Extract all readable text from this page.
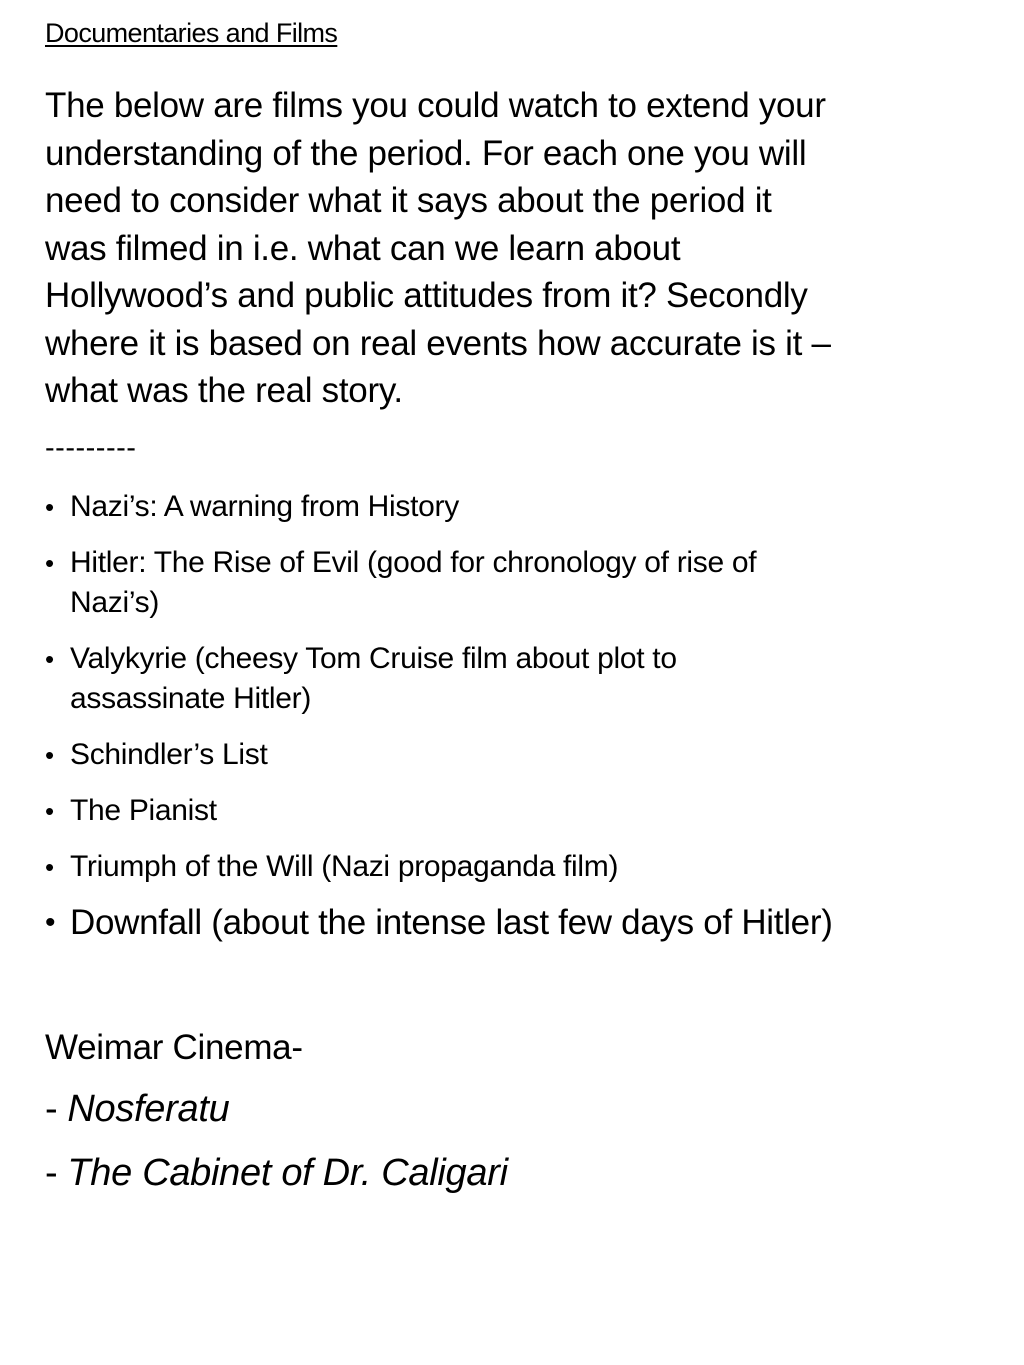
Documentaries and Films
The below are films you could watch to extend your
understanding of the period. For each one you will
need to consider what it says about the period it
was filmed in i.e. what can we learn about
Hollywood’s and public attitudes from it? Secondly
where it is based on real events how accurate is it –
what was the real story.
---------
• Nazi’s: A warning from History
• Hitler: The Rise of Evil (good for chronology of rise of
Nazi’s)
• Valykyrie (cheesy Tom Cruise film about plot to
assassinate Hitler)
• Schindler’s List
• The Pianist
• Triumph of the Will (Nazi propaganda film)
• Downfall (about the intense last few days of Hitler)
Weimar Cinema-
- Nosferatu
- The Cabinet of Dr. Caligari
